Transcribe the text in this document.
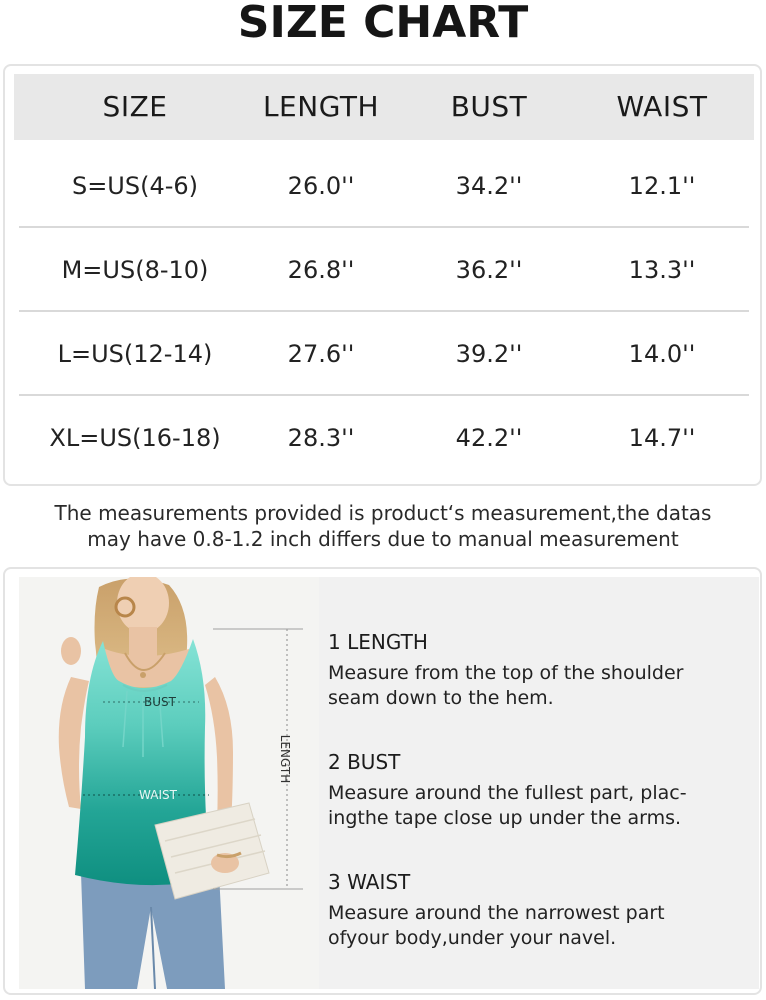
SIZE CHART
SIZE	LENGTH	BUST	WAIST
S=US(4-6)	26.0''	34.2''	12.1''
M=US(8-10)	26.8''	36.2''	13.3''
L=US(12-14)	27.6''	39.2''	14.0''
XL=US(16-18)	28.3''	42.2''	14.7''
The measurements provided is product‘s measurement,the datas
may have 0.8-1.2 inch differs due to manual measurement
BUST
WAIST
LENGTH
1 LENGTH
Measure from the top of the shoulder
seam down to the hem.
2 BUST
Measure around the fullest part, plac-
ingthe tape close up under the arms.
3 WAIST
Measure around the narrowest part
ofyour body,under your navel.
